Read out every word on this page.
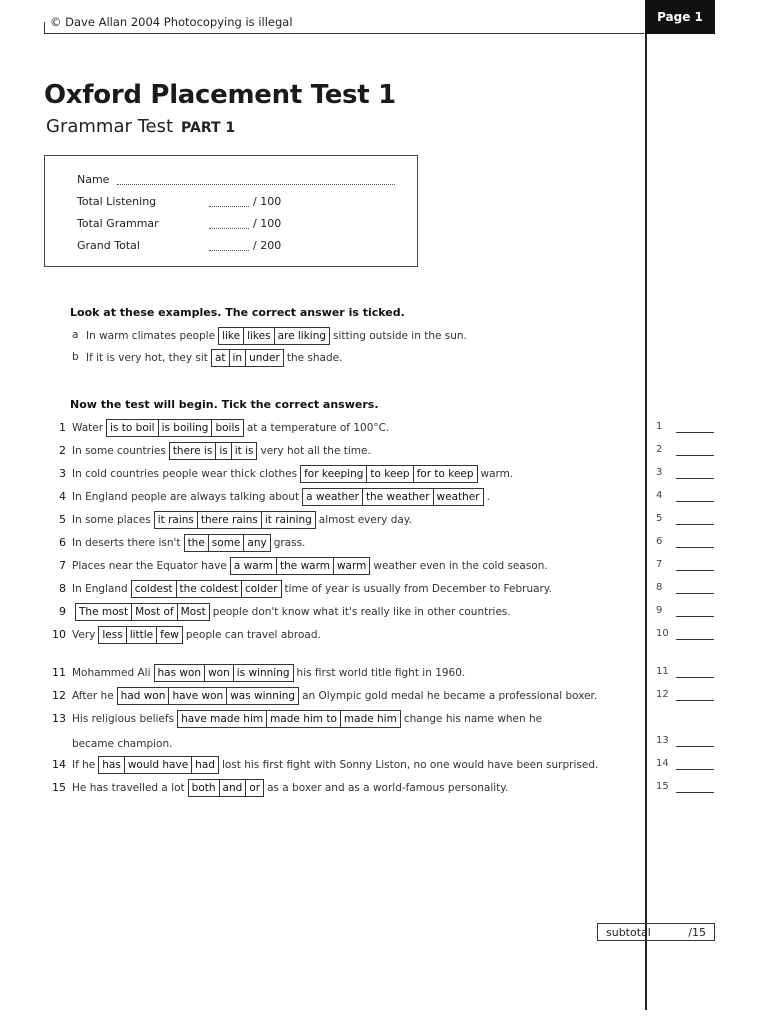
© Dave Allan 2004 Photocopying is illegal	Page 1
Oxford Placement Test 1
Grammar Test PART 1
Name
Total Listening	/ 100
Total Grammar	/ 100
Grand Total	/ 200
Look at these examples. The correct answer is ticked.
a In warm climates people like likes are liking sitting outside in the sun.
b If it is very hot, they sit at in under the shade.
Now the test will begin. Tick the correct answers.
1 Water is to boil is boiling boils at a temperature of 100°C.	1
2 In some countries there is is it is very hot all the time.	2
3 In cold countries people wear thick clothes for keeping to keep for to keep warm.	3
4 In England people are always talking about a weather the weather weather .	4
5 In some places it rains there rains it raining almost every day.	5
6 In deserts there isn't the some any grass.	6
7 Places near the Equator have a warm the warm warm weather even in the cold season.	7
8 In England coldest the coldest colder time of year is usually from December to February.	8
9 The most Most of Most people don't know what it's really like in other countries.	9
10 Very less little few people can travel abroad.	10
11 Mohammed Ali has won won is winning his first world title fight in 1960.	11
12 After he had won have won was winning an Olympic gold medal he became a professional boxer.	12
13 His religious beliefs have made him made him to made him change his name when he
13
14 If he has would have had lost his first fight with Sonny Liston, no one would have been surprised.	14
15 He has travelled a lot both and or as a boxer and as a world-famous personality.	15
became champion.
subtotal	/15
